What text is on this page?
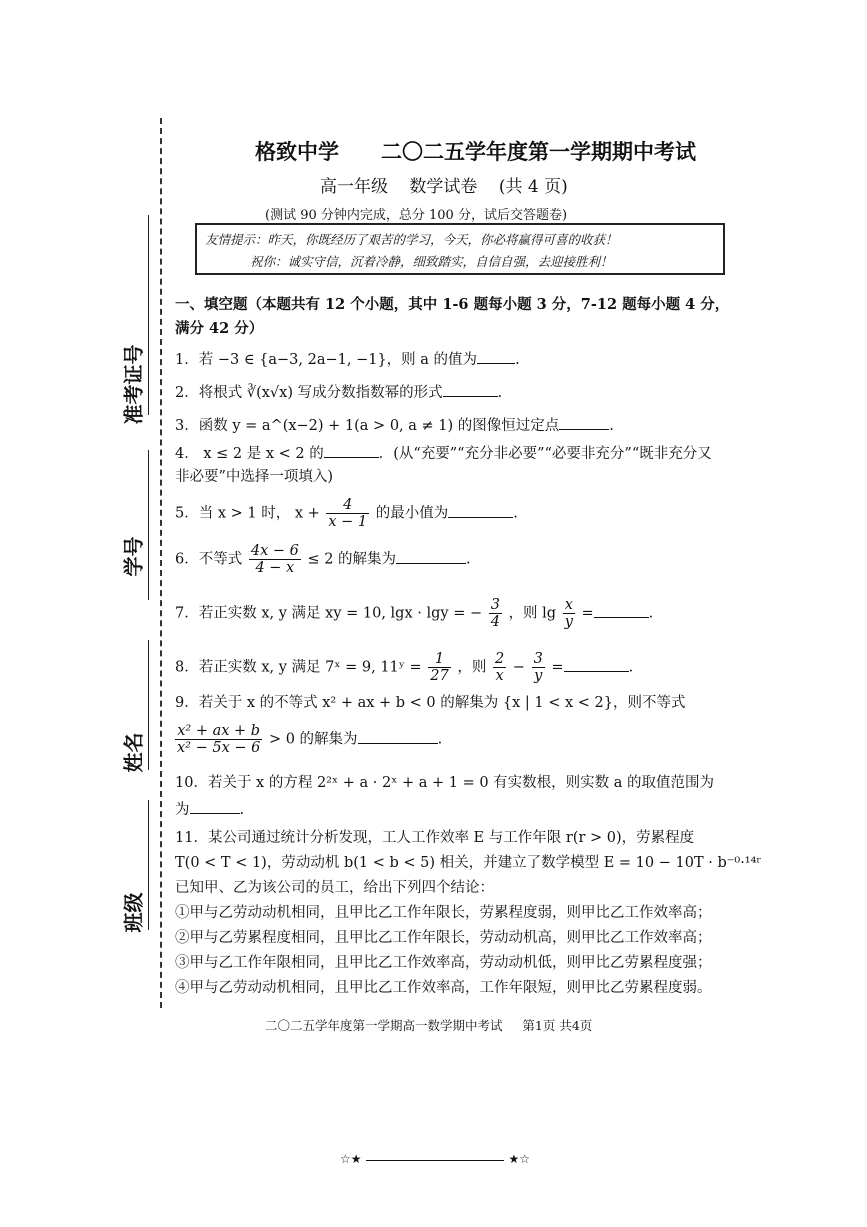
准考证号
学号
姓名
班级
格致中学 二〇二五学年度第一学期期中考试
高一年级 数学试卷 (共 4 页)
(测试 90 分钟内完成，总分 100 分，试后交答题卷)
友情提示：昨天，你既经历了艰苦的学习，今天，你必将赢得可喜的收获！
祝你：诚实守信，沉着冷静，细致踏实，自信自强，去迎接胜利！
一、填空题（本题共有 12 个小题，其中 1-6 题每小题 3 分，7-12 题每小题 4 分，
满分 42 分）
1．若 −3 ∈ {a−3, 2a−1, −1}，则 a 的值为	.
2．将根式 ∛(x√x) 写成分数指数幂的形式	.
3．函数 y = a^(x−2) + 1(a > 0, a ≠ 1) 的图像恒过定点	.
4． x ≤ 2 是 x < 2 的	．(从“充要”“充分非必要”“必要非充分”“既非充分又
非必要”中选择一项填入)
5．当 x > 1 时， $x + \frac{4}{x - 1}$ 的最小值为	.
6．不等式 $\frac{4x - 6}{4 - x} \le 2$ 的解集为	.
7．若正实数 x, y 满足 xy = 10, lgx · lgy = − $\frac{3}{4}$ ，则 $\lg \frac{x}{y}$ =	.
8．若正实数 x, y 满足 7ˣ = 9, 11ʸ = $\frac{1}{27}$ ，则 $\frac{2}{x} - \frac{3}{y}$ =	.
9．若关于 x 的不等式 x² + ax + b < 0 的解集为 {x | 1 < x < 2}，则不等式
$\frac{\text{x² + ax + b}}{\text{x² − 5x − 6}} > 0$ 的解集为	.
10．若关于 x 的方程 2²ˣ + a · 2ˣ + a + 1 = 0 有实数根，则实数 a 的取值范围为
为	.
11．某公司通过统计分析发现，工人工作效率 E 与工作年限 r(r > 0)，劳累程度
T(0 < T < 1)，劳动动机 b(1 < b < 5) 相关，并建立了数学模型 E = 10 − 10T · b⁻⁰·¹⁴ʳ
已知甲、乙为该公司的员工，给出下列四个结论：
①甲与乙劳动动机相同，且甲比乙工作年限长，劳累程度弱，则甲比乙工作效率高；
②甲与乙劳累程度相同，且甲比乙工作年限长，劳动动机高，则甲比乙工作效率高；
③甲与乙工作年限相同，且甲比乙工作效率高，劳动动机低，则甲比乙劳累程度强；
④甲与乙劳动动机相同，且甲比乙工作效率高，工作年限短，则甲比乙劳累程度弱。
二〇二五学年度第一学期高一数学期中考试 第1页 共4页
☆★	★☆
